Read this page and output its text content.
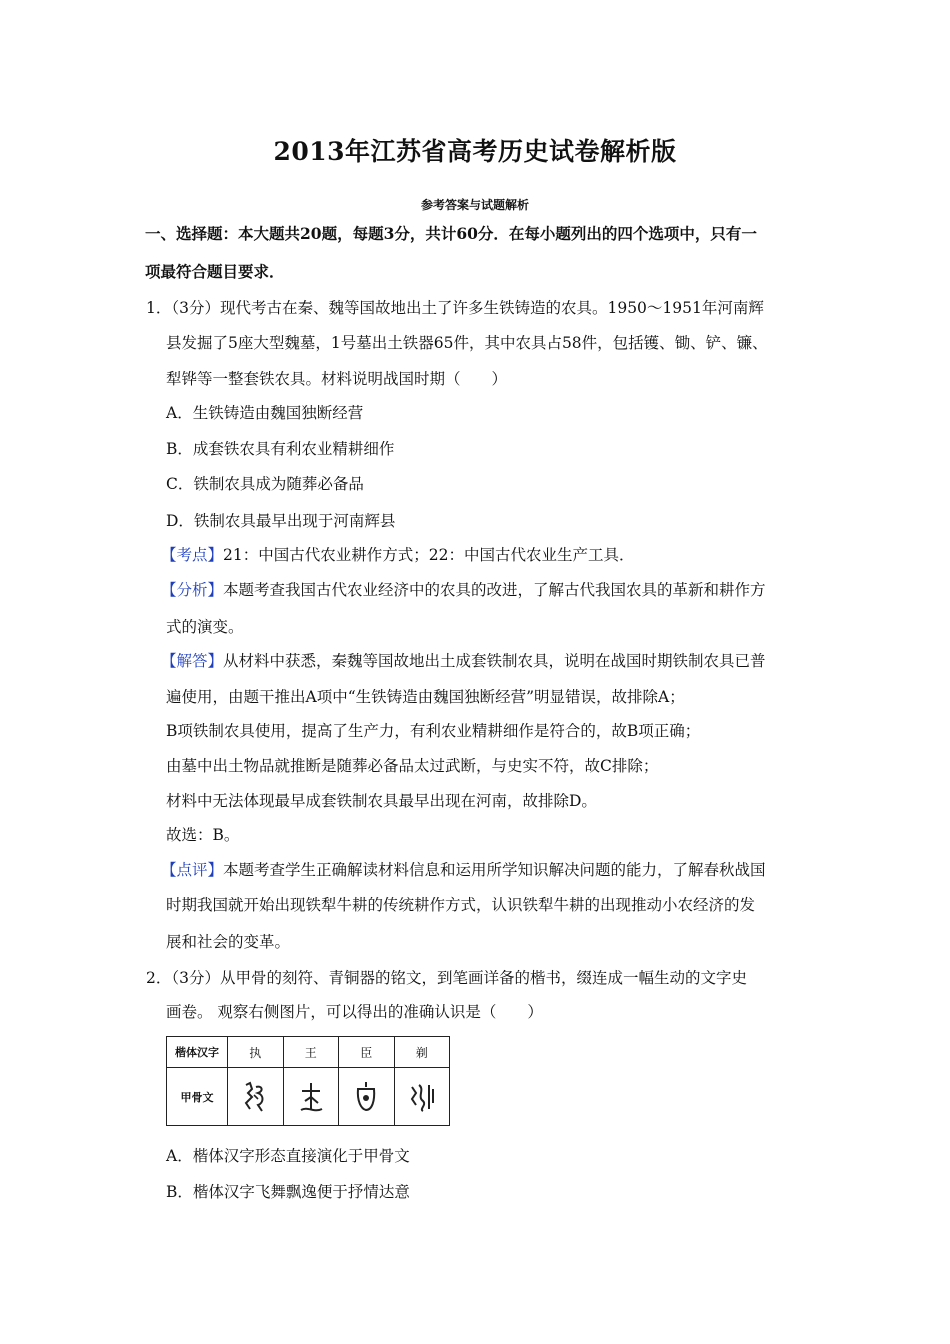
2013年江苏省高考历史试卷解析版
参考答案与试题解析
一、选择题：本大题共20题，每题3分，共计60分．在每小题列出的四个选项中，只有一
项最符合题目要求．
1．（3分）现代考古在秦、魏等国故地出土了许多生铁铸造的农具。1950～1951年河南辉
县发掘了5座大型魏墓，1号墓出土铁器65件，其中农具占58件，包括镬、锄、铲、镰、
犁铧等一整套铁农具。材料说明战国时期（　　）
A．生铁铸造由魏国独断经营
B．成套铁农具有利农业精耕细作
C．铁制农具成为随葬必备品
D．铁制农具最早出现于河南辉县
【考点】21：中国古代农业耕作方式；22：中国古代农业生产工具．
【分析】本题考查我国古代农业经济中的农具的改进，了解古代我国农具的革新和耕作方
式的演变。
【解答】从材料中获悉，秦魏等国故地出土成套铁制农具，说明在战国时期铁制农具已普
遍使用，由题干推出A项中“生铁铸造由魏国独断经营”明显错误，故排除A；
B项铁制农具使用，提高了生产力，有利农业精耕细作是符合的，故B项正确；
由墓中出土物品就推断是随葬必备品太过武断，与史实不符，故C排除；
材料中无法体现最早成套铁制农具最早出现在河南，故排除D。
故选：B。
【点评】本题考查学生正确解读材料信息和运用所学知识解决问题的能力，了解春秋战国
时期我国就开始出现铁犁牛耕的传统耕作方式，认识铁犁牛耕的出现推动小农经济的发
展和社会的变革。
2．（3分）从甲骨的刻符、青铜器的铭文，到笔画详备的楷书，缀连成一幅生动的文字史
画卷。 观察右侧图片，可以得出的准确认识是（　　）
楷体汉字	执	王	臣	剃
甲骨文	

A．楷体汉字形态直接演化于甲骨文
B．楷体汉字飞舞飘逸便于抒情达意
